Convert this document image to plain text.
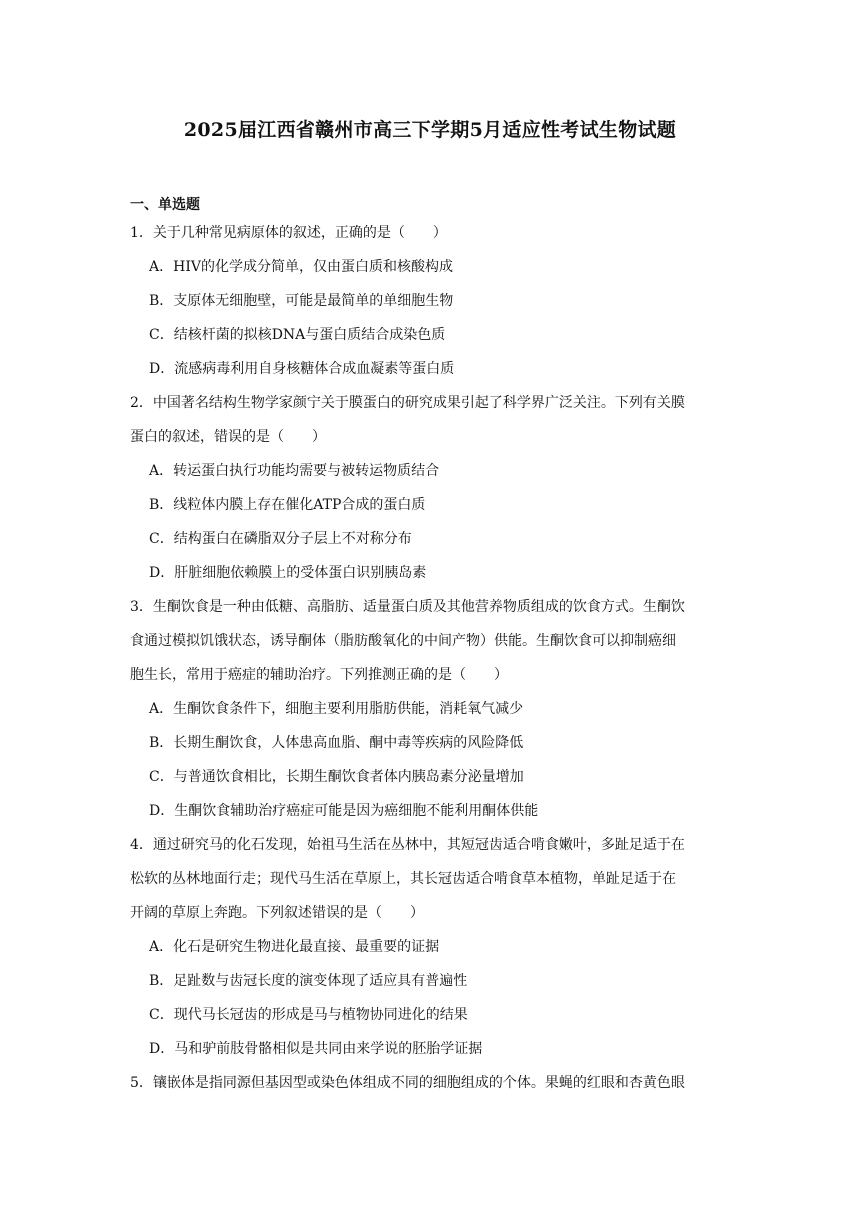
2025届江西省赣州市高三下学期5月适应性考试生物试题
一、单选题
1．关于几种常见病原体的叙述，正确的是（　　）
A．HIV的化学成分简单，仅由蛋白质和核酸构成
B．支原体无细胞壁，可能是最简单的单细胞生物
C．结核杆菌的拟核DNA与蛋白质结合成染色质
D．流感病毒利用自身核糖体合成血凝素等蛋白质
2．中国著名结构生物学家颜宁关于膜蛋白的研究成果引起了科学界广泛关注。下列有关膜
蛋白的叙述，错误的是（　　）
A．转运蛋白执行功能均需要与被转运物质结合
B．线粒体内膜上存在催化ATP合成的蛋白质
C．结构蛋白在磷脂双分子层上不对称分布
D．肝脏细胞依赖膜上的受体蛋白识别胰岛素
3．生酮饮食是一种由低糖、高脂肪、适量蛋白质及其他营养物质组成的饮食方式。生酮饮
食通过模拟饥饿状态，诱导酮体（脂肪酸氧化的中间产物）供能。生酮饮食可以抑制癌细
胞生长，常用于癌症的辅助治疗。下列推测正确的是（　　）
A．生酮饮食条件下，细胞主要利用脂肪供能，消耗氧气减少
B．长期生酮饮食，人体患高血脂、酮中毒等疾病的风险降低
C．与普通饮食相比，长期生酮饮食者体内胰岛素分泌量增加
D．生酮饮食辅助治疗癌症可能是因为癌细胞不能利用酮体供能
4．通过研究马的化石发现，始祖马生活在丛林中，其短冠齿适合啃食嫩叶，多趾足适于在
松软的丛林地面行走；现代马生活在草原上，其长冠齿适合啃食草本植物，单趾足适于在
开阔的草原上奔跑。下列叙述错误的是（　　）
A．化石是研究生物进化最直接、最重要的证据
B．足趾数与齿冠长度的演变体现了适应具有普遍性
C．现代马长冠齿的形成是马与植物协同进化的结果
D．马和驴前肢骨骼相似是共同由来学说的胚胎学证据
5．镶嵌体是指同源但基因型或染色体组成不同的细胞组成的个体。果蝇的红眼和杏黄色眼
